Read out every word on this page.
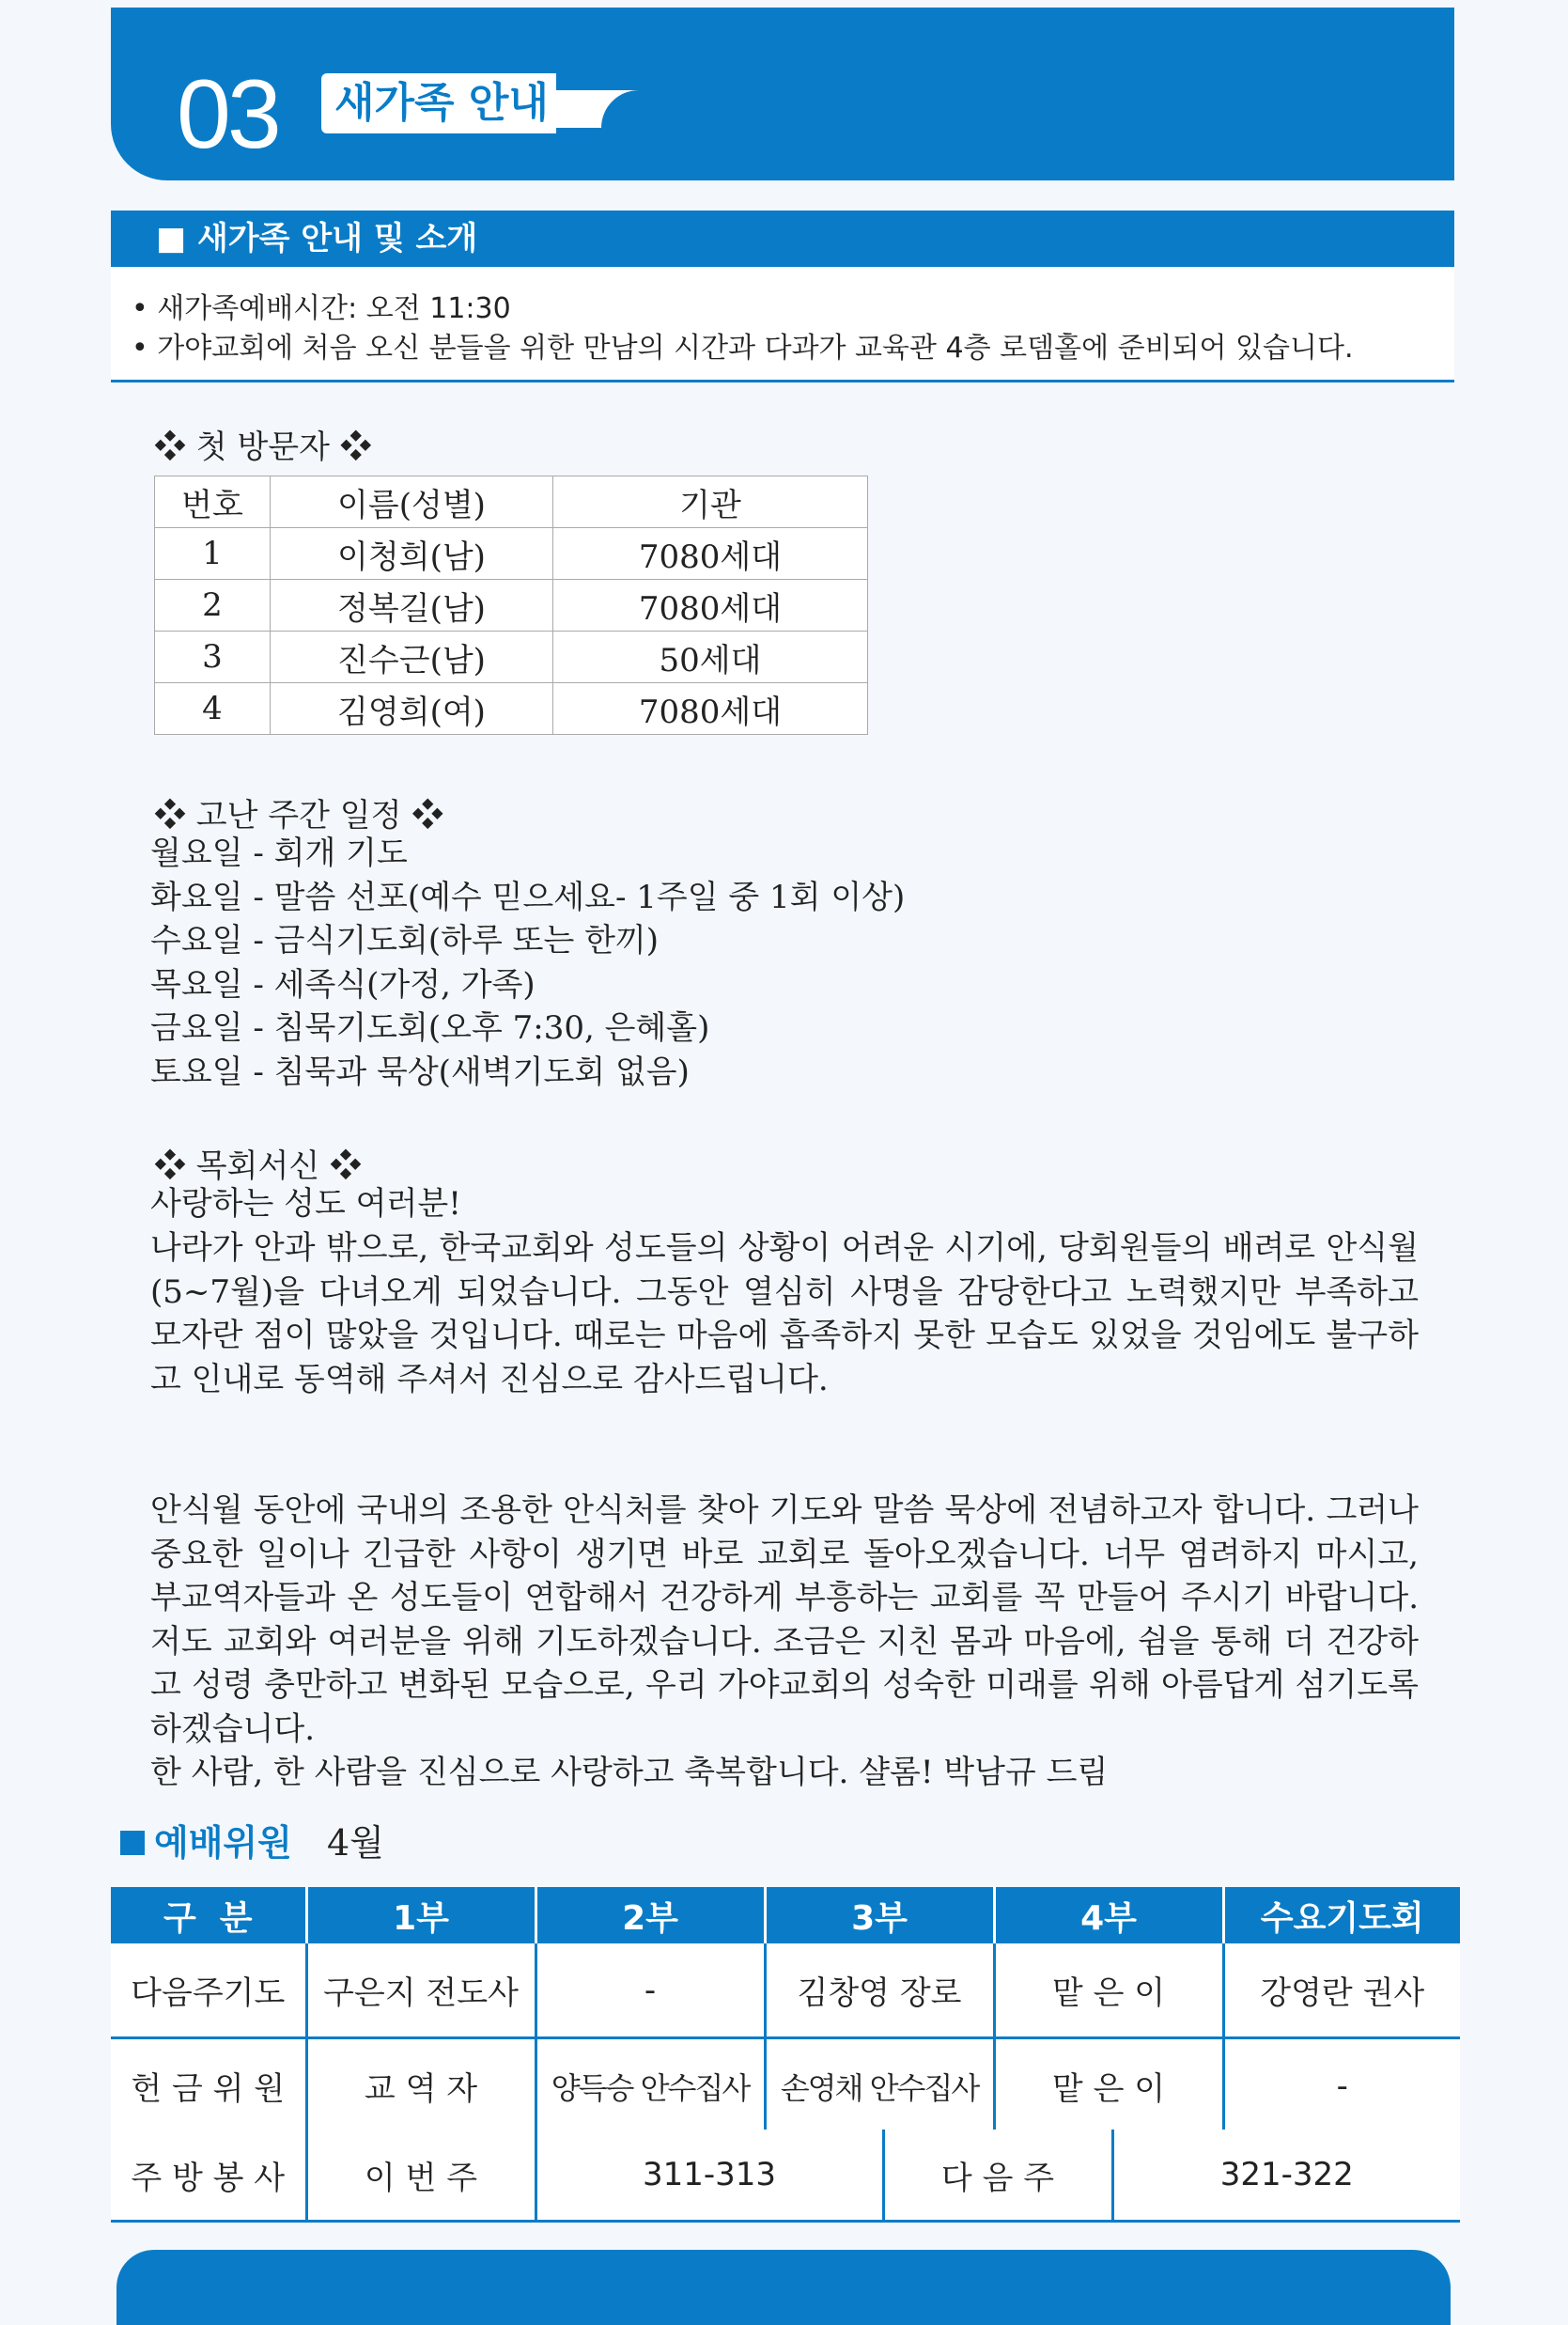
03	새가족 안내
■ 새가족 안내 및 소개
• 새가족예배시간: 오전 11:30
• 가야교회에 처음 오신 분들을 위한 만남의 시간과 다과가 교육관 4층 로뎀홀에 준비되어 있습니다.
❖ 첫 방문자 ❖
번호	이름(성별)	기관
1	이청희(남)	7080세대
2	정복길(남)	7080세대
3	진수근(남)	50세대
4	김영희(여)	7080세대
❖ 고난 주간 일정 ❖
월요일 - 회개 기도
화요일 - 말씀 선포(예수 믿으세요- 1주일 중 1회 이상)
수요일 - 금식기도회(하루 또는 한끼)
목요일 - 세족식(가정, 가족)
금요일 - 침묵기도회(오후 7:30, 은혜홀)
토요일 - 침묵과 묵상(새벽기도회 없음)
❖ 목회서신 ❖
사랑하는 성도 여러분!
나라가 안과 밖으로, 한국교회와 성도들의 상황이 어려운 시기에, 당회원들의 배려로 안식월(5~7월)을 다녀오게 되었습니다. 그동안 열심히 사명을 감당한다고 노력했지만 부족하고 모자란 점이 많았을 것입니다. 때로는 마음에 흡족하지 못한 모습도 있었을 것임에도 불구하고 인내로 동역해 주셔서 진심으로 감사드립니다.
안식월 동안에 국내의 조용한 안식처를 찾아 기도와 말씀 묵상에 전념하고자 합니다. 그러나 중요한 일이나 긴급한 사항이 생기면 바로 교회로 돌아오겠습니다. 너무 염려하지 마시고, 부교역자들과 온 성도들이 연합해서 건강하게 부흥하는 교회를 꼭 만들어 주시기 바랍니다. 저도 교회와 여러분을 위해 기도하겠습니다. 조금은 지친 몸과 마음에, 쉼을 통해 더 건강하고 성령 충만하고 변화된 모습으로, 우리 가야교회의 성숙한 미래를 위해 아름답게 섬기도록 하겠습니다.
한 사람, 한 사람을 진심으로 사랑하고 축복합니다. 샬롬! 박남규 드림
예배위원 4월
구  분	1부	2부	3부	4부	수요기도회
다음주기도	구은지 전도사	-	김창영 장로	맡 은 이	강영란 권사
헌 금 위 원	교 역 자	양득승 안수집사	손영채 안수집사	맡 은 이	-
주 방 봉 사	이 번 주	311-313	다 음 주	321-322
